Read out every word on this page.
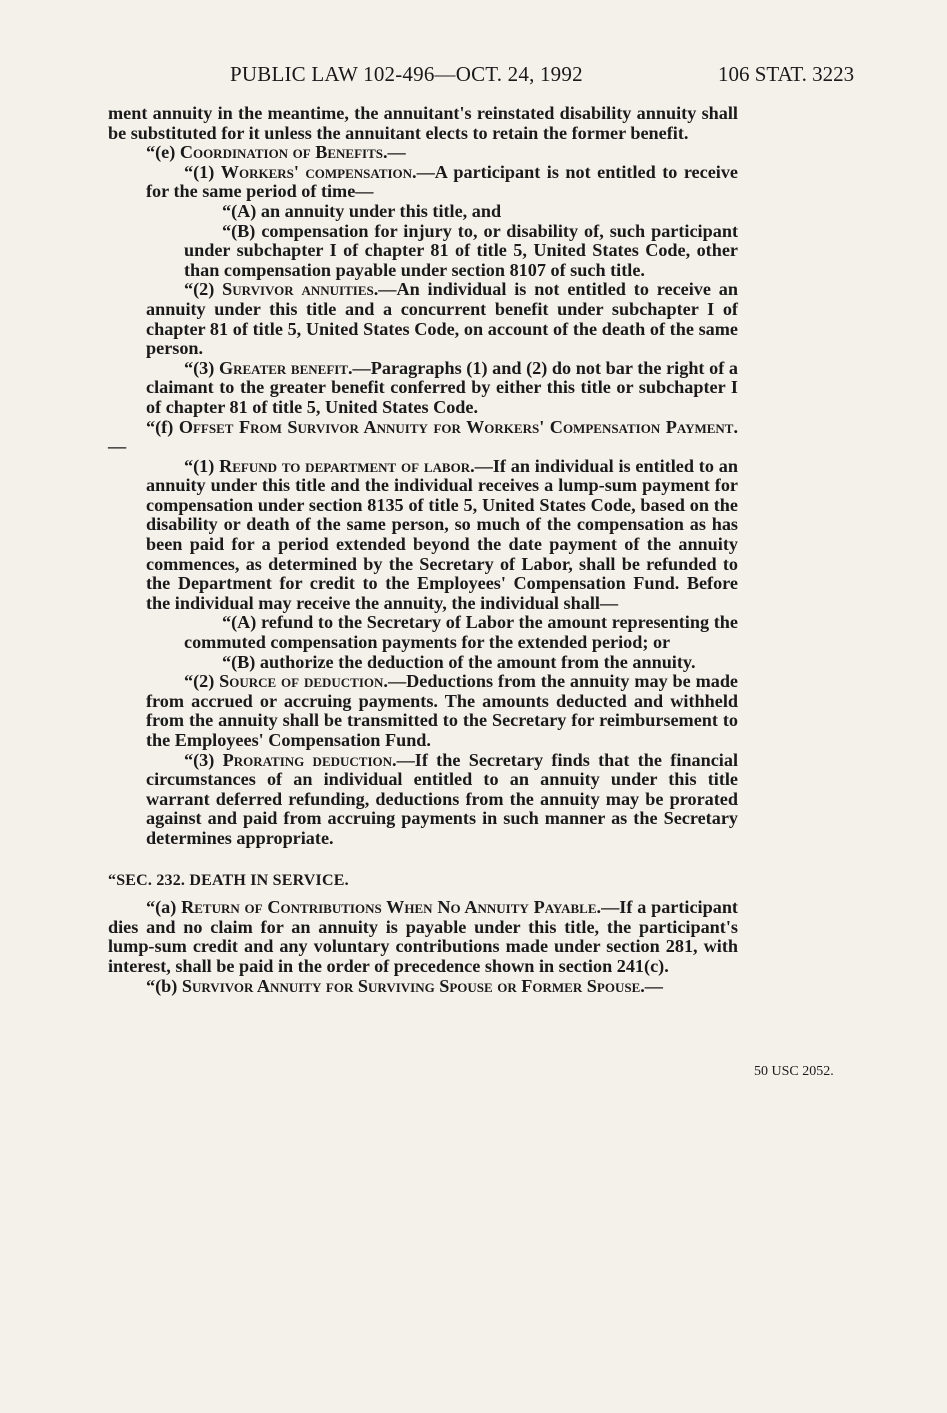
PUBLIC LAW 102-496—OCT. 24, 1992	106 STAT. 3223
50 USC 2052.

ment annuity in the meantime, the annuitant's reinstated disability annuity shall be substituted for it unless the annuitant elects to retain the former benefit.

“(e) Coordination of Benefits.—

“(1) Workers' compensation.—A participant is not entitled to receive for the same period of time—

“(A) an annuity under this title, and

“(B) compensation for injury to, or disability of, such participant under subchapter I of chapter 81 of title 5, United States Code, other than compensation payable under section 8107 of such title.

“(2) Survivor annuities.—An individual is not entitled to receive an annuity under this title and a concurrent benefit under subchapter I of chapter 81 of title 5, United States Code, on account of the death of the same person.

“(3) Greater benefit.—Paragraphs (1) and (2) do not bar the right of a claimant to the greater benefit conferred by either this title or subchapter I of chapter 81 of title 5, United States Code.

“(f) Offset From Survivor Annuity for Workers' Compensation Payment.—

“(1) Refund to department of labor.—If an individual is entitled to an annuity under this title and the individual receives a lump-sum payment for compensation under section 8135 of title 5, United States Code, based on the disability or death of the same person, so much of the compensation as has been paid for a period extended beyond the date payment of the annuity commences, as determined by the Secretary of Labor, shall be refunded to the Department for credit to the Employees' Compensation Fund. Before the individual may receive the annuity, the individual shall—

“(A) refund to the Secretary of Labor the amount representing the commuted compensation payments for the extended period; or

“(B) authorize the deduction of the amount from the annuity.

“(2) Source of deduction.—Deductions from the annuity may be made from accrued or accruing payments. The amounts deducted and withheld from the annuity shall be transmitted to the Secretary for reimbursement to the Employees' Compensation Fund.

“(3) Prorating deduction.—If the Secretary finds that the financial circumstances of an individual entitled to an annuity under this title warrant deferred refunding, deductions from the annuity may be prorated against and paid from accruing payments in such manner as the Secretary determines appropriate.

“SEC. 232. DEATH IN SERVICE.

“(a) Return of Contributions When No Annuity Payable.—If a participant dies and no claim for an annuity is payable under this title, the participant's lump-sum credit and any voluntary contributions made under section 281, with interest, shall be paid in the order of precedence shown in section 241(c).

“(b) Survivor Annuity for Surviving Spouse or Former Spouse.—
